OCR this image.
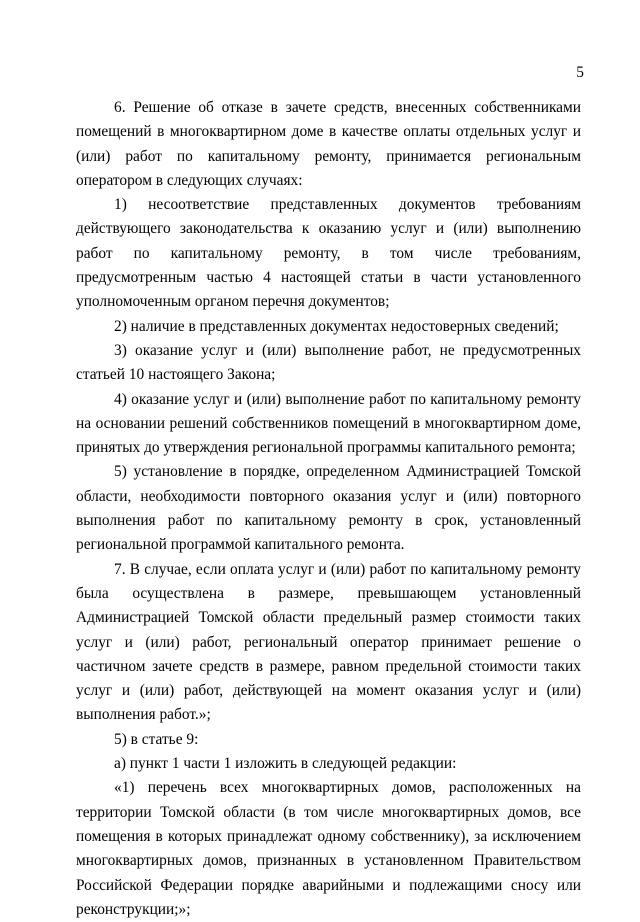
5

6. Решение об отказе в зачете средств, внесенных собственниками помещений в многоквартирном доме в качестве оплаты отдельных услуг и (или) работ по капитальному ремонту, принимается региональным оператором в следующих случаях:

1) несоответствие представленных документов требованиям действующего законодательства к оказанию услуг и (или) выполнению работ по капитальному ремонту, в том числе требованиям, предусмотренным частью 4 настоящей статьи в части установленного уполномоченным органом перечня документов;

2) наличие в представленных документах недостоверных сведений;

3) оказание услуг и (или) выполнение работ, не предусмотренных статьей 10 настоящего Закона;

4) оказание услуг и (или) выполнение работ по капитальному ремонту на основании решений собственников помещений в многоквартирном доме, принятых до утверждения региональной программы капитального ремонта;

5) установление в порядке, определенном Администрацией Томской области, необходимости повторного оказания услуг и (или) повторного выполнения работ по капитальному ремонту в срок, установленный региональной программой капитального ремонта.

7. В случае, если оплата услуг и (или) работ по капитальному ремонту была осуществлена в размере, превышающем установленный Администрацией Томской области предельный размер стоимости таких услуг и (или) работ, региональный оператор принимает решение о частичном зачете средств в размере, равном предельной стоимости таких услуг и (или) работ, действующей на момент оказания услуг и (или) выполнения работ.»;

5) в статье 9:

а) пункт 1 части 1 изложить в следующей редакции:

«1) перечень всех многоквартирных домов, расположенных на территории Томской области (в том числе многоквартирных домов, все помещения в которых принадлежат одному собственнику), за исключением многоквартирных домов, признанных в установленном Правительством Российской Федерации порядке аварийными и подлежащими сносу или реконструкции;»;
